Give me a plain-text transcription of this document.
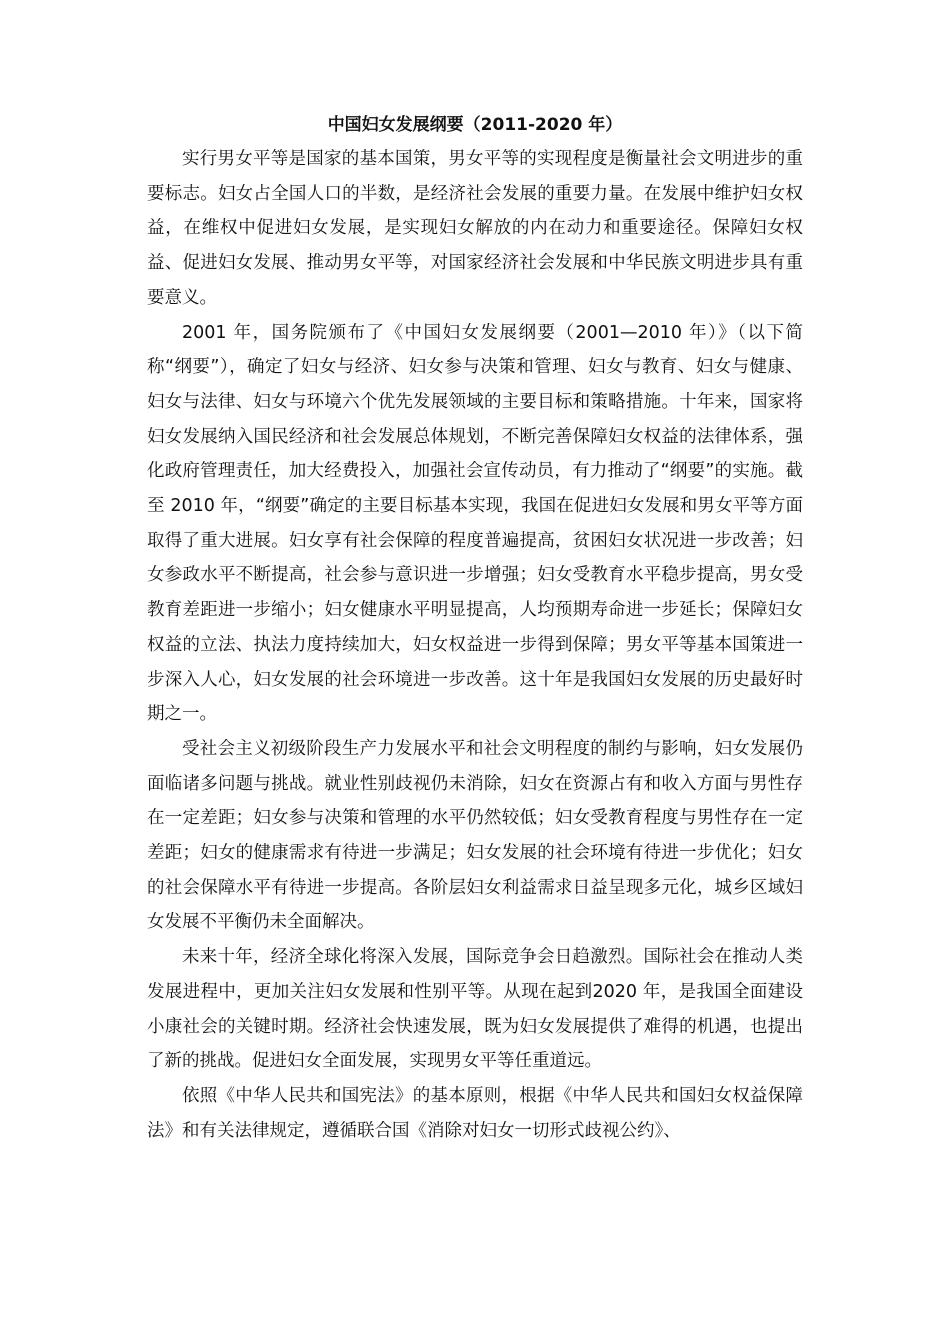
中国妇女发展纲要（2011-2020 年）

实行男女平等是国家的基本国策，男女平等的实现程度是衡量社会文明进步的重要标志。妇女占全国人口的半数，是经济社会发展的重要力量。在发展中维护妇女权益，在维权中促进妇女发展，是实现妇女解放的内在动力和重要途径。保障妇女权益、促进妇女发展、推动男女平等，对国家经济社会发展和中华民族文明进步具有重要意义。

2001 年，国务院颁布了《中国妇女发展纲要（2001—2010 年）》（以下简称“纲要”），确定了妇女与经济、妇女参与决策和管理、妇女与教育、妇女与健康、妇女与法律、妇女与环境六个优先发展领域的主要目标和策略措施。十年来，国家将妇女发展纳入国民经济和社会发展总体规划，不断完善保障妇女权益的法律体系，强化政府管理责任，加大经费投入，加强社会宣传动员，有力推动了“纲要”的实施。截至 2010 年，“纲要”确定的主要目标基本实现，我国在促进妇女发展和男女平等方面取得了重大进展。妇女享有社会保障的程度普遍提高，贫困妇女状况进一步改善；妇女参政水平不断提高，社会参与意识进一步增强；妇女受教育水平稳步提高，男女受教育差距进一步缩小；妇女健康水平明显提高，人均预期寿命进一步延长；保障妇女权益的立法、执法力度持续加大，妇女权益进一步得到保障；男女平等基本国策进一步深入人心，妇女发展的社会环境进一步改善。这十年是我国妇女发展的历史最好时期之一。

受社会主义初级阶段生产力发展水平和社会文明程度的制约与影响，妇女发展仍面临诸多问题与挑战。就业性别歧视仍未消除，妇女在资源占有和收入方面与男性存在一定差距；妇女参与决策和管理的水平仍然较低；妇女受教育程度与男性存在一定差距；妇女的健康需求有待进一步满足；妇女发展的社会环境有待进一步优化；妇女的社会保障水平有待进一步提高。各阶层妇女利益需求日益呈现多元化，城乡区域妇女发展不平衡仍未全面解决。

未来十年，经济全球化将深入发展，国际竞争会日趋激烈。国际社会在推动人类发展进程中，更加关注妇女发展和性别平等。从现在起到2020 年，是我国全面建设小康社会的关键时期。经济社会快速发展，既为妇女发展提供了难得的机遇，也提出了新的挑战。促进妇女全面发展，实现男女平等任重道远。

依照《中华人民共和国宪法》的基本原则，根据《中华人民共和国妇女权益保障法》和有关法律规定，遵循联合国《消除对妇女一切形式歧视公约》、
